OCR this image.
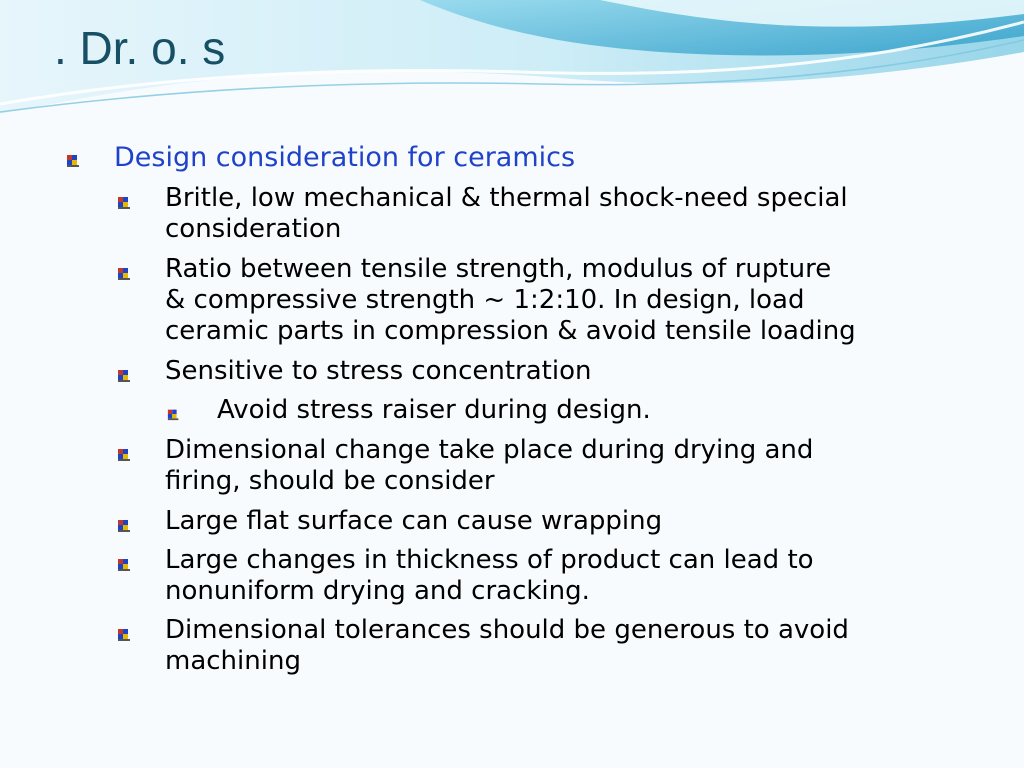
. Dr. o. s
Design consideration for ceramics
Britle, low mechanical & thermal shock-need special
consideration
Ratio between tensile strength, modulus of rupture
& compressive strength ~ 1:2:10. In design, load
ceramic parts in compression & avoid tensile loading
Sensitive to stress concentration
Avoid stress raiser during design.
Dimensional change take place during drying and
firing, should be consider
Large flat surface can cause wrapping
Large changes in thickness of product can lead to
nonuniform drying and cracking.
Dimensional tolerances should be generous to avoid
machining
